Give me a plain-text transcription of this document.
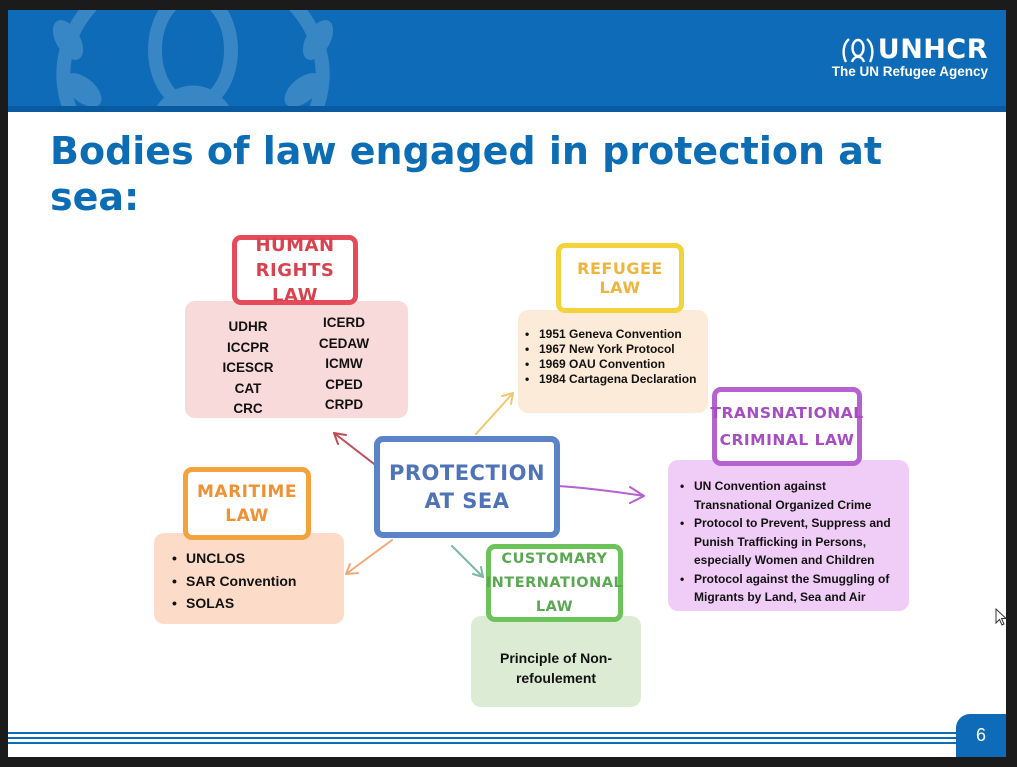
UNHCR
The UN Refugee Agency
Bodies of law engaged in protection at sea:
UDHR
ICCPR
ICESCR
CAT
CRC
ICERD
CEDAW
ICMW
CPED
CRPD
HUMAN RIGHTS LAW
• 1951 Geneva Convention
• 1967 New York Protocol
• 1969 OAU Convention
• 1984 Cartagena Declaration
REFUGEE LAW
• UN Convention against Transnational Organized Crime
• Protocol to Prevent, Suppress and Punish Trafficking in Persons, especially Women and Children
• Protocol against the Smuggling of Migrants by Land, Sea and Air
TRANSNATIONAL CRIMINAL LAW
• UNCLOS
• SAR Convention
• SOLAS
MARITIME LAW
Principle of Non-refoulement
CUSTOMARY INTERNATIONAL LAW
PROTECTION AT SEA
6
